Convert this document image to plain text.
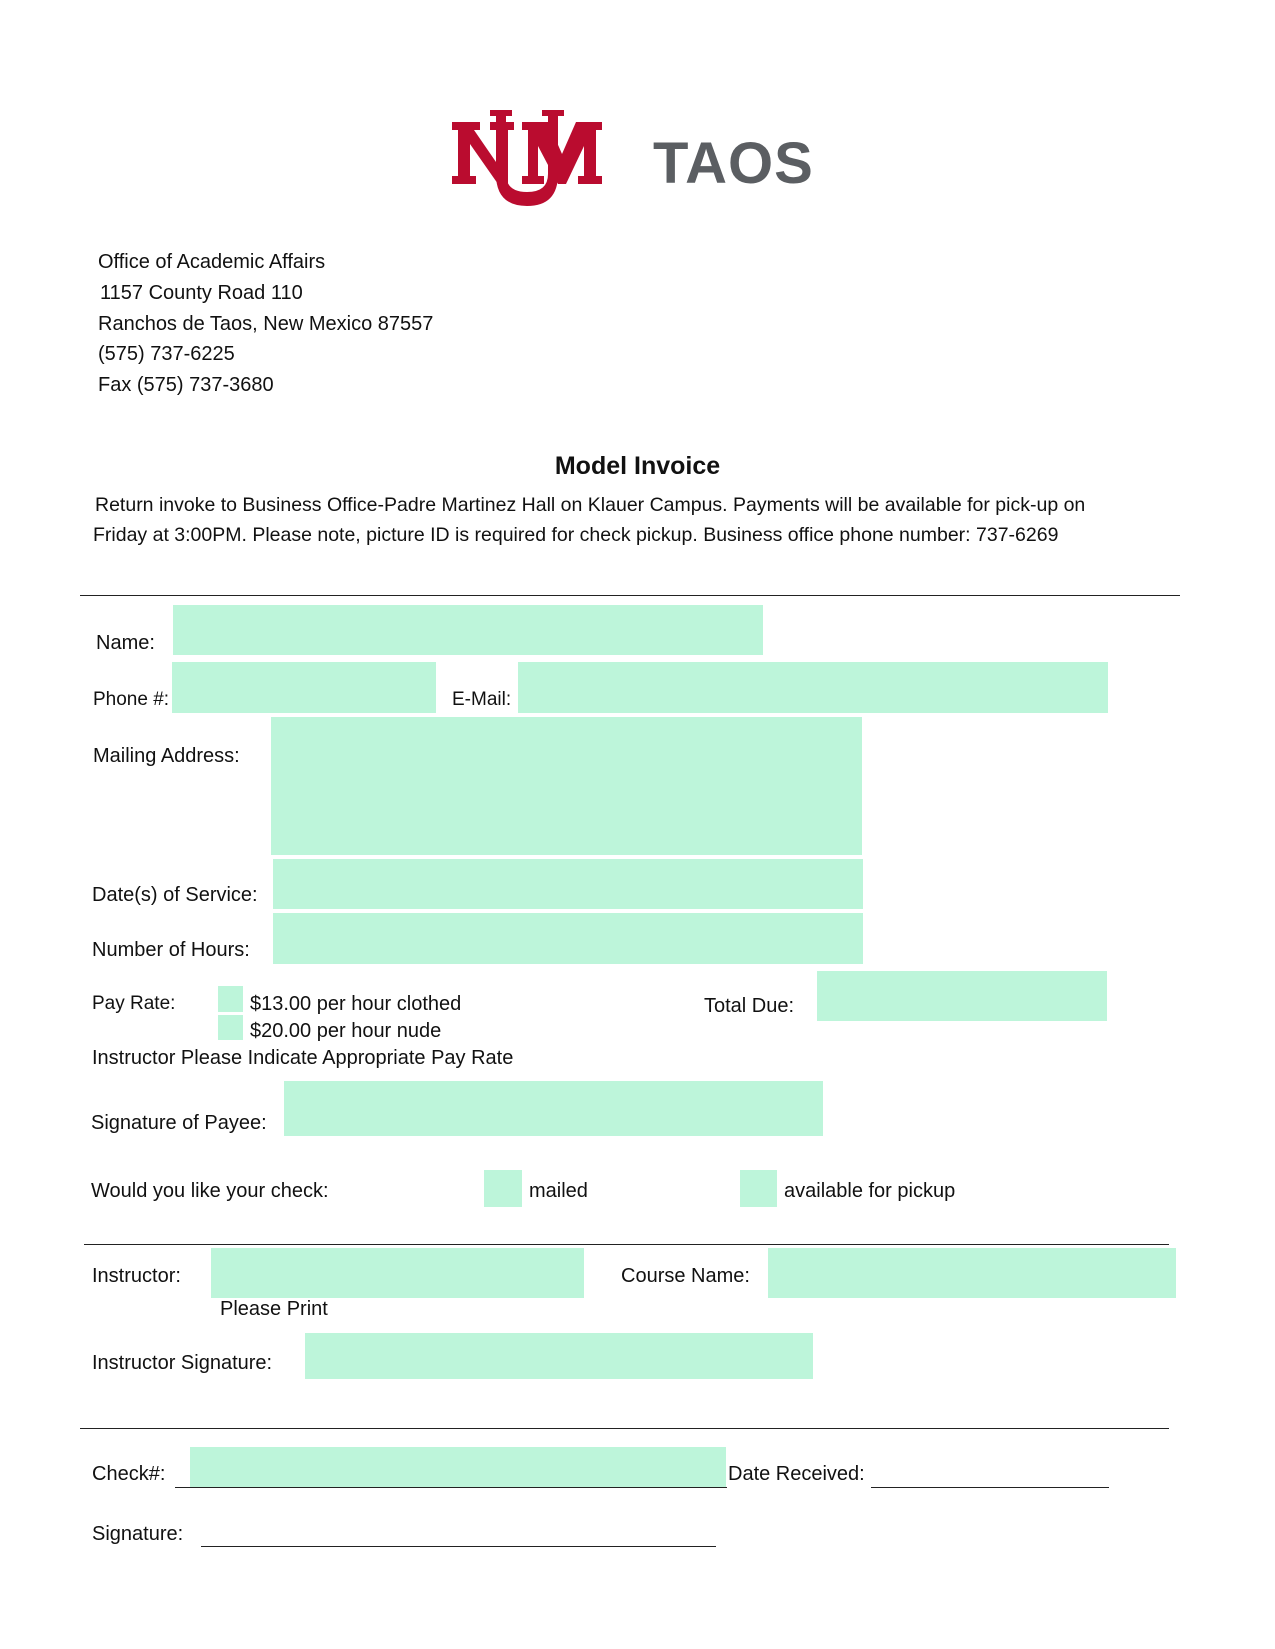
TAOS
Office of Academic Affairs
1157 County Road 110
Ranchos de Taos, New Mexico 87557
(575) 737-6225
Fax (575) 737-3680
Model Invoice
Return invoke to Business Office-Padre Martinez Hall on Klauer Campus. Payments will be available for pick-up on
Friday at 3:00PM. Please note, picture ID is required for check pickup. Business office phone number: 737-6269
Name:
Phone #:	E-Mail:
Mailing Address:
Date(s) of Service:
Number of Hours:
Pay Rate:	$13.00 per hour clothed
$20.00 per hour nude
Total Due:
Instructor Please Indicate Appropriate Pay Rate
Signature of Payee:
Would you like your check:	mailed	available for pickup
Instructor:
Please Print
Course Name:
Instructor Signature:
Check#:	Date Received:
Signature:
